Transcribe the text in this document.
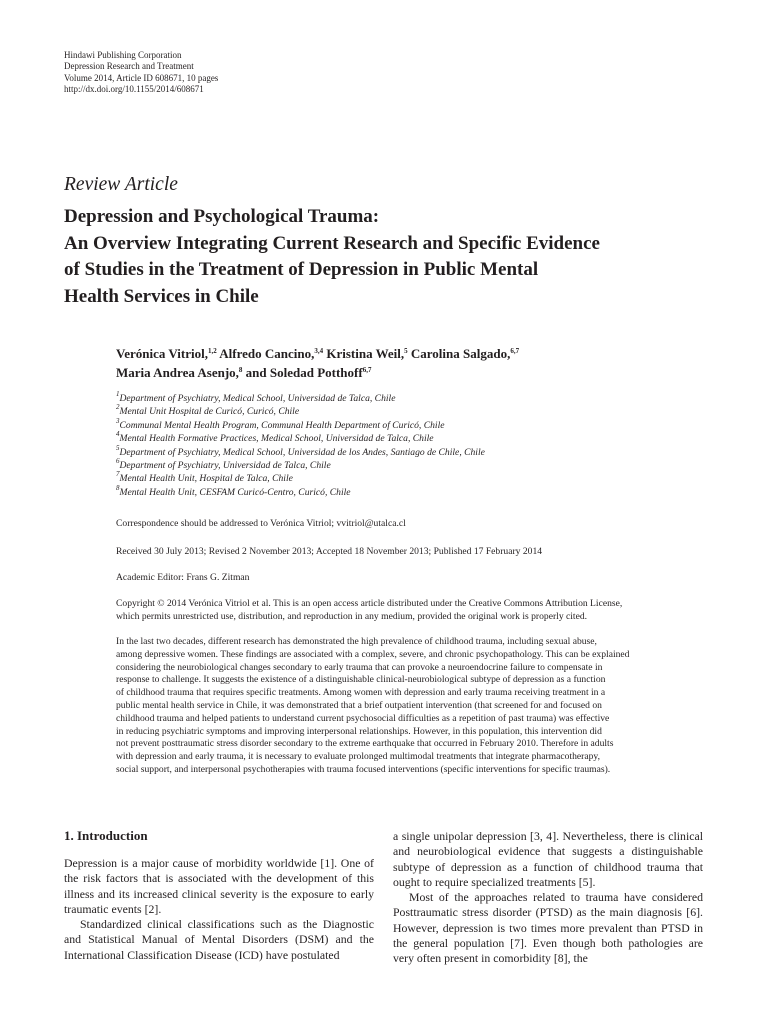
Hindawi Publishing Corporation
Depression Research and Treatment
Volume 2014, Article ID 608671, 10 pages
http://dx.doi.org/10.1155/2014/608671
Review Article
Depression and Psychological Trauma:
An Overview Integrating Current Research and Specific Evidence
of Studies in the Treatment of Depression in Public Mental
Health Services in Chile
Verónica Vitriol,$^{1,2}$ Alfredo Cancino,$^{3,4}$ Kristina Weil,$^5$ Carolina Salgado,$^{6,7}$
Maria Andrea Asenjo,$^8$ and Soledad Potthoff$^{6,7}$
$^1$Department of Psychiatry, Medical School, Universidad de Talca, Chile
$^2$Mental Unit Hospital de Curicó, Curicó, Chile
$^3$Communal Mental Health Program, Communal Health Department of Curicó, Chile
$^4$Mental Health Formative Practices, Medical School, Universidad de Talca, Chile
$^5$Department of Psychiatry, Medical School, Universidad de los Andes, Santiago de Chile, Chile
$^6$Department of Psychiatry, Universidad de Talca, Chile
$^7$Mental Health Unit, Hospital de Talca, Chile
$^8$Mental Health Unit, CESFAM Curicó-Centro, Curicó, Chile
Correspondence should be addressed to Verónica Vitriol; vvitriol@utalca.cl
Received 30 July 2013; Revised 2 November 2013; Accepted 18 November 2013; Published 17 February 2014
Academic Editor: Frans G. Zitman
Copyright © 2014 Verónica Vitriol et al. This is an open access article distributed under the Creative Commons Attribution License,
which permits unrestricted use, distribution, and reproduction in any medium, provided the original work is properly cited.
In the last two decades, different research has demonstrated the high prevalence of childhood trauma, including sexual abuse,
among depressive women. These findings are associated with a complex, severe, and chronic psychopathology. This can be explained
considering the neurobiological changes secondary to early trauma that can provoke a neuroendocrine failure to compensate in
response to challenge. It suggests the existence of a distinguishable clinical-neurobiological subtype of depression as a function
of childhood trauma that requires specific treatments. Among women with depression and early trauma receiving treatment in a
public mental health service in Chile, it was demonstrated that a brief outpatient intervention (that screened for and focused on
childhood trauma and helped patients to understand current psychosocial difficulties as a repetition of past trauma) was effective
in reducing psychiatric symptoms and improving interpersonal relationships. However, in this population, this intervention did
not prevent posttraumatic stress disorder secondary to the extreme earthquake that occurred in February 2010. Therefore in adults
with depression and early trauma, it is necessary to evaluate prolonged multimodal treatments that integrate pharmacotherapy,
social support, and interpersonal psychotherapies with trauma focused interventions (specific interventions for specific traumas).
1. Introduction

Depression is a major cause of morbidity worldwide [1]. One of the risk factors that is associated with the development of this illness and its increased clinical severity is the exposure to early traumatic events [2].

Standardized clinical classifications such as the Diagnostic and Statistical Manual of Mental Disorders (DSM) and the International Classification Disease (ICD) have postulated

a single unipolar depression [3, 4]. Nevertheless, there is clinical and neurobiological evidence that suggests a distinguishable subtype of depression as a function of childhood trauma that ought to require specialized treatments [5].

Most of the approaches related to trauma have considered Posttraumatic stress disorder (PTSD) as the main diagnosis [6]. However, depression is two times more prevalent than PTSD in the general population [7]. Even though both pathologies are very often present in comorbidity [8], the
